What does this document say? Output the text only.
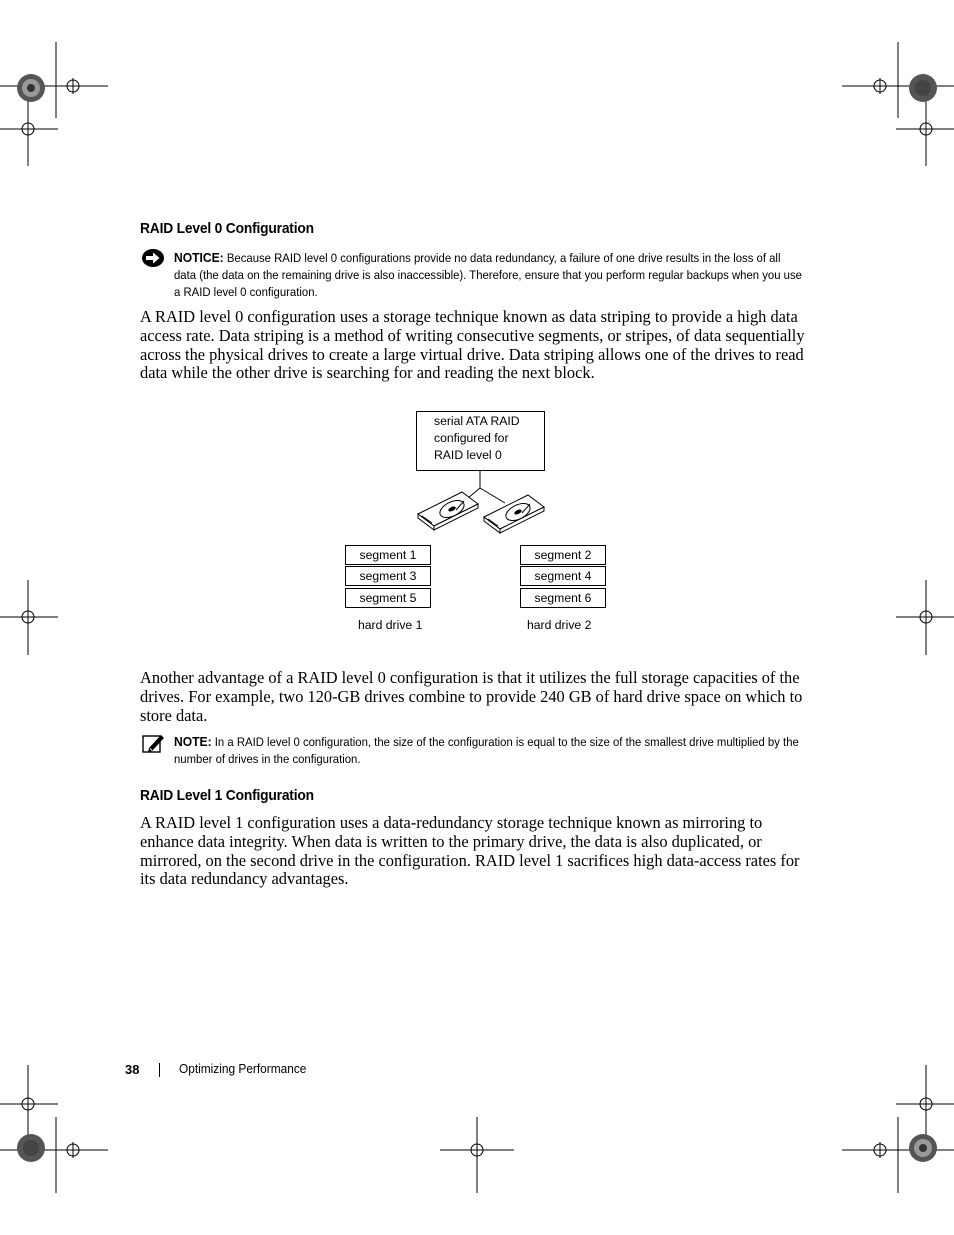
RAID Level 0 Configuration
NOTICE: Because RAID level 0 configurations provide no data redundancy, a failure of one drive results in the loss of all data (the data on the remaining drive is also inaccessible). Therefore, ensure that you perform regular backups when you use a RAID level 0 configuration.
A RAID level 0 configuration uses a storage technique known as data striping to provide a high data access rate. Data striping is a method of writing consecutive segments, or stripes, of data sequentially across the physical drives to create a large virtual drive. Data striping allows one of the drives to read data while the other drive is searching for and reading the next block.
serial ATA RAID
configured for
RAID level 0
segment 1
segment 3
segment 5
segment 2
segment 4
segment 6
hard drive 1	hard drive 2
Another advantage of a RAID level 0 configuration is that it utilizes the full storage capacities of the drives. For example, two 120-GB drives combine to provide 240 GB of hard drive space on which to store data.
NOTE: In a RAID level 0 configuration, the size of the configuration is equal to the size of the smallest drive multiplied by the number of drives in the configuration.
RAID Level 1 Configuration
A RAID level 1 configuration uses a data-redundancy storage technique known as mirroring to enhance data integrity. When data is written to the primary drive, the data is also duplicated, or mirrored, on the second drive in the configuration. RAID level 1 sacrifices high data-access rates for its data redundancy advantages.
38	Optimizing Performance
